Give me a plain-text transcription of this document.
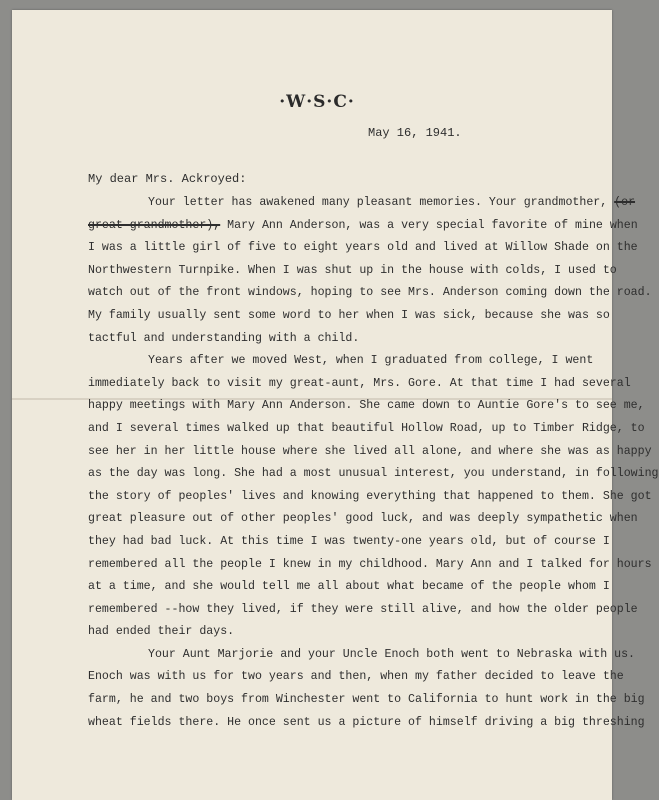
·W·S·C·
May 16, 1941.
My dear Mrs. Ackroyed:
Your letter has awakened many pleasant memories. Your grandmother, (or
great-grandmother), Mary Ann Anderson, was a very special favorite of mine when
I was a little girl of five to eight years old and lived at Willow Shade on the
Northwestern Turnpike. When I was shut up in the house with colds, I used to
watch out of the front windows, hoping to see Mrs. Anderson coming down the road.
My family usually sent some word to her when I was sick, because she was so
tactful and understanding with a child.
Years after we moved West, when I graduated from college, I went
immediately back to visit my great-aunt, Mrs. Gore. At that time I had several
happy meetings with Mary Ann Anderson. She came down to Auntie Gore's to see me,
and I several times walked up that beautiful Hollow Road, up to Timber Ridge, to
see her in her little house where she lived all alone, and where she was as happy
as the day was long. She had a most unusual interest, you understand, in following
the story of peoples' lives and knowing everything that happened to them. She got
great pleasure out of other peoples' good luck, and was deeply sympathetic when
they had bad luck. At this time I was twenty-one years old, but of course I
remembered all the people I knew in my childhood. Mary Ann and I talked for hours
at a time, and she would tell me all about what became of the people whom I
remembered --how they lived, if they were still alive, and how the older people
had ended their days.
Your Aunt Marjorie and your Uncle Enoch both went to Nebraska with us.
Enoch was with us for two years and then, when my father decided to leave the
farm, he and two boys from Winchester went to California to hunt work in the big
wheat fields there. He once sent us a picture of himself driving a big threshing
